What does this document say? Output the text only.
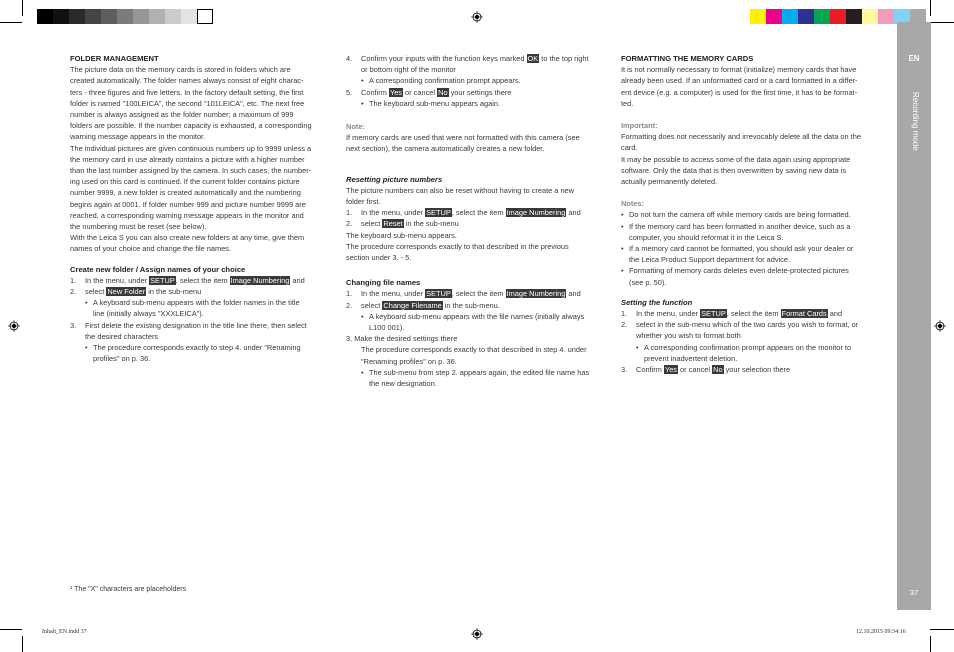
EN
Recording mode
37

FOLDER MANAGEMENT

The picture data on the memory cards is stored in folders which are
created automatically. The folder names always consist of eight charac-
ters - three figures and five letters. In the factory default setting, the first
folder is named "100LEICA", the second "101LEICA", etc. The next free
number is always assigned as the folder number; a maximum of 999
folders are possible. If the number capacity is exhausted, a corresponding
warning message appears in the monitor.
The individual pictures are given continuous numbers up to 9999 unless a
the memory card in use already contains a picture with a higher number
than the last number assigned by the camera. In such cases, the number-
ing used on this card is continued. If the current folder contains picture
number 9999, a new folder is created automatically and the numbering
begins again at 0001. If folder number 999 and picture number 9999 are
reached, a corresponding warning message appears in the monitor and
the numbering must be reset (see below).
With the Leica S you can also create new folders at any time, give them
names of your choice and change the file names.

Create new folder / Assign names of your choice

1.	In the menu, under SETUP, select the item Image Numbering and
2.	select New Folder in the sub-menu
• A keyboard sub-menu appears with the folder names in the title
line (initially always "XXXLEICA").
3.	First delete the existing designation in the title line there, then select
the desired characters
• The procedure corresponds exactly to step 4. under "Renaming
profiles" on p. 36.
¹ The "X" characters are placeholders
4.	Confirm your inputs with the function keys marked OK to the top right
or bottom right of the monitor
• A corresponding confirmation prompt appears.
5.	Confirm Yes or cancel No your settings there
• The keyboard sub-menu appears again.

Note:

If memory cards are used that were not formatted with this camera (see
next section), the camera automatically creates a new folder.

Resetting picture numbers

The picture numbers can also be reset without having to create a new
folder first.

1.	In the menu, under SETUP, select the item Image Numbering and
2.	select Reset in the sub-menu

The keyboard sub-menu appears.
The procedure corresponds exactly to that described in the previous
section under 3. - 5.

Changing file names

1.	In the menu, under SETUP, select the item Image Numbering and
2.	select Change Filename in the sub-menu.
• A keyboard sub-menu appears with the file names (initially always
L100 001).

3. Make the desired settings there

The procedure corresponds exactly to that described in step 4. under
"Renaming profiles" on p. 36.

• The sub-menu from step 2. appears again, the edited file name has
the new designation.

FORMATTING THE MEMORY CARDS

It is not normally necessary to format (initialize) memory cards that have
already been used. If an unformatted card or a card formatted in a differ-
ent device (e.g. a computer) is used for the first time, it has to be format-
ted.

Important:

Formatting does not necessarily and irrevocably delete all the data on the
card.
It may be possible to access some of the data again using appropriate
software. Only the data that is then overwritten by saving new data is
actually permanently deleted.

Notes:

• Do not turn the camera off while memory cards are being formatted.
• If the memory card has been formatted in another device, such as a
computer, you should reformat it in the Leica S.
• If a memory card cannot be formatted, you should ask your dealer or
the Leica Product Support department for advice.
• Formatting of memory cards deletes even delete-protected pictures
(see p. 50).

Setting the function

1.	In the menu, under SETUP, select the item Format Cards and
2.	select in the sub-menu which of the two cards you wish to format, or
whether you wish to format both
• A corresponding confirmation prompt appears on the monitor to
prevent inadvertent deletion.
3.	Confirm Yes or cancel No your selection there
Inhalt_EN.indd 37	12.10.2015 09:34:16
